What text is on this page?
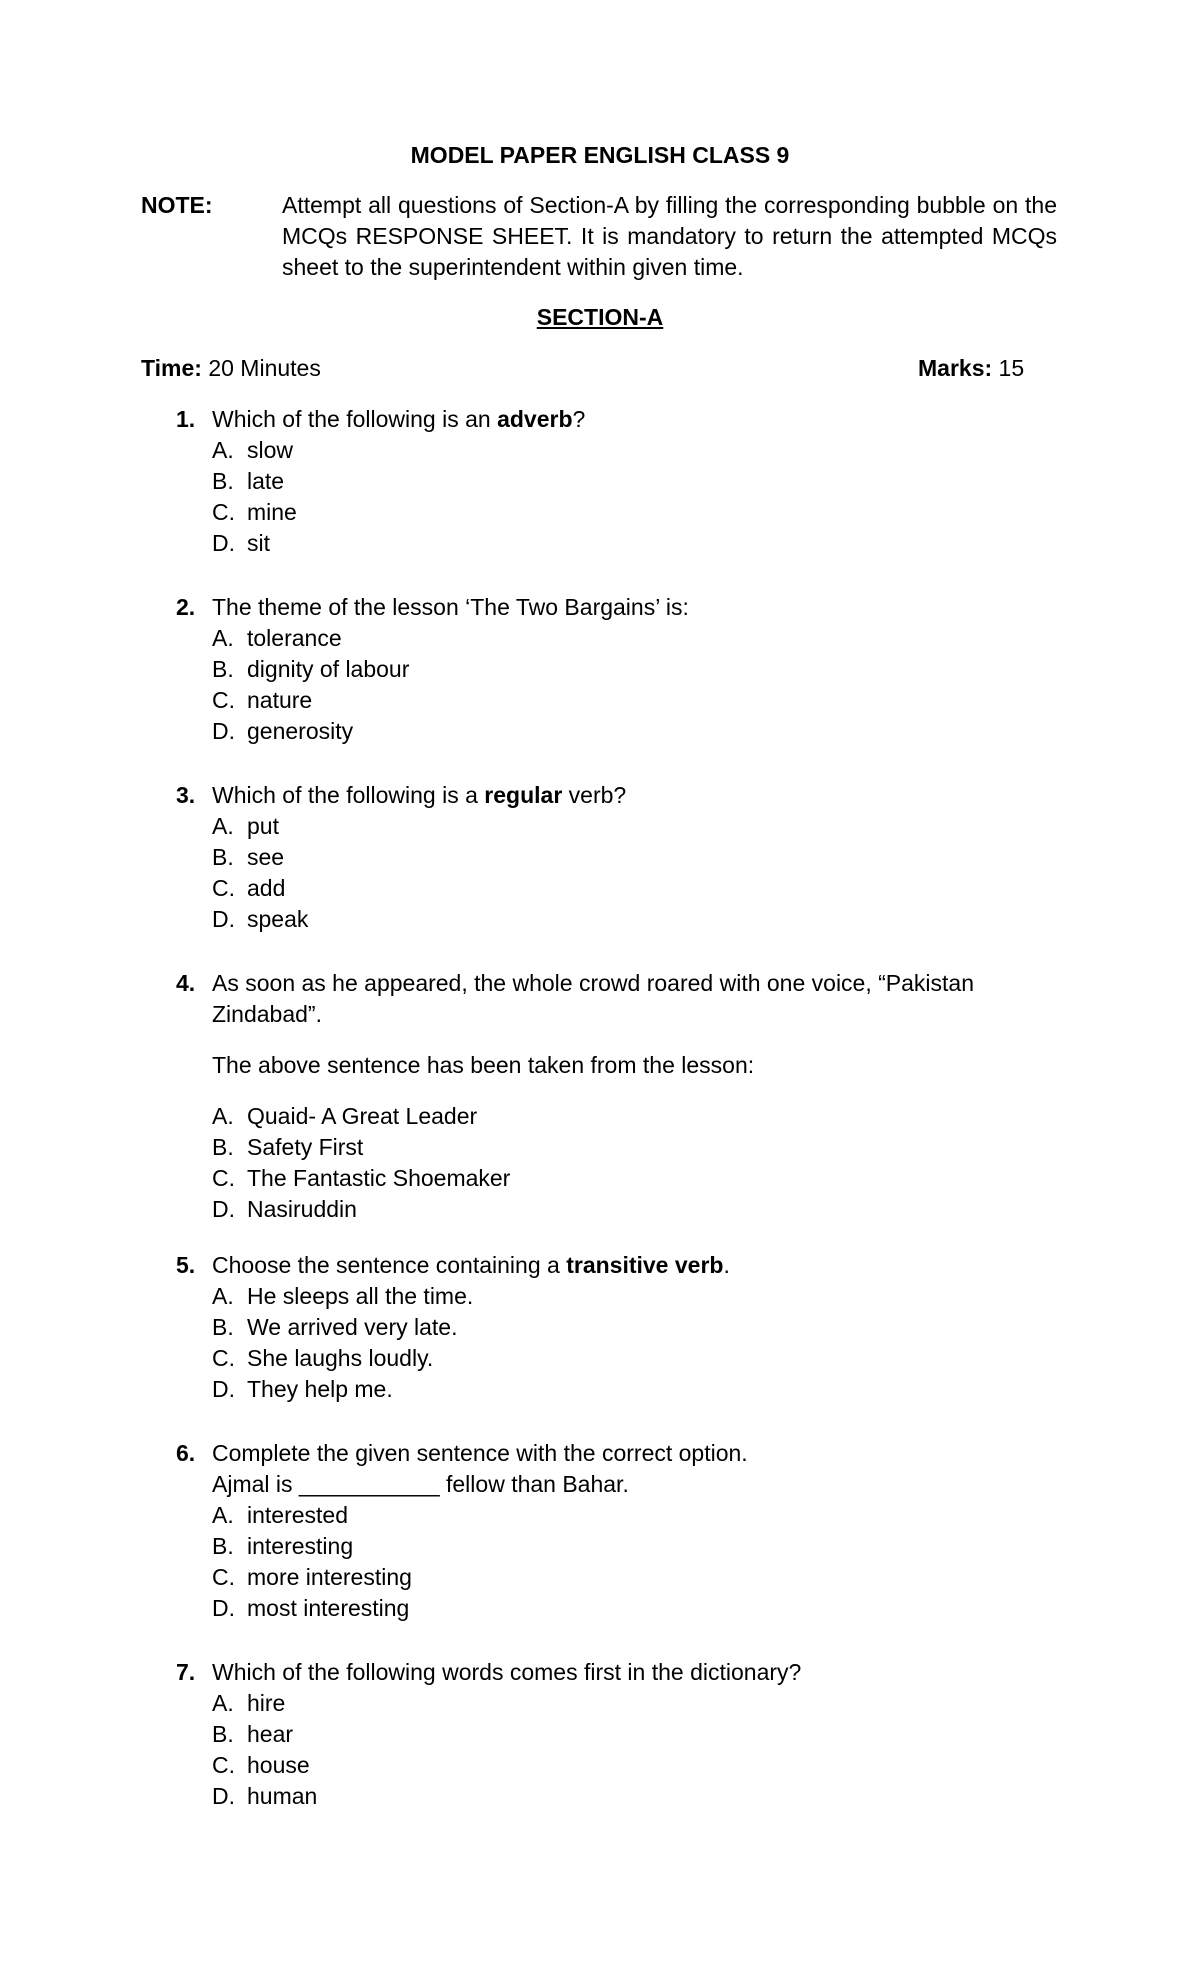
MODEL PAPER ENGLISH CLASS 9
NOTE:	Attempt all questions of Section-A by filling the corresponding bubble on the MCQs RESPONSE SHEET. It is mandatory to return the attempted MCQs sheet to the superintendent within given time.
SECTION-A
Time: 20 Minutes	Marks: 15
1. Which of the following is an adverb?
A. slow
B. late
C. mine
D. sit
2. The theme of the lesson ‘The Two Bargains’ is:
A. tolerance
B. dignity of labour
C. nature
D. generosity
3. Which of the following is a regular verb?
A. put
B. see
C. add
D. speak
4. As soon as he appeared, the whole crowd roared with one voice, “Pakistan Zindabad”.
The above sentence has been taken from the lesson:
A. Quaid- A Great Leader
B. Safety First
C. The Fantastic Shoemaker
D. Nasiruddin
5. Choose the sentence containing a transitive verb.
A. He sleeps all the time.
B. We arrived very late.
C. She laughs loudly.
D. They help me.
6. Complete the given sentence with the correct option.
Ajmal is ___________ fellow than Bahar.
A. interested
B. interesting
C. more interesting
D. most interesting
7. Which of the following words comes first in the dictionary?
A. hire
B. hear
C. house
D. human
